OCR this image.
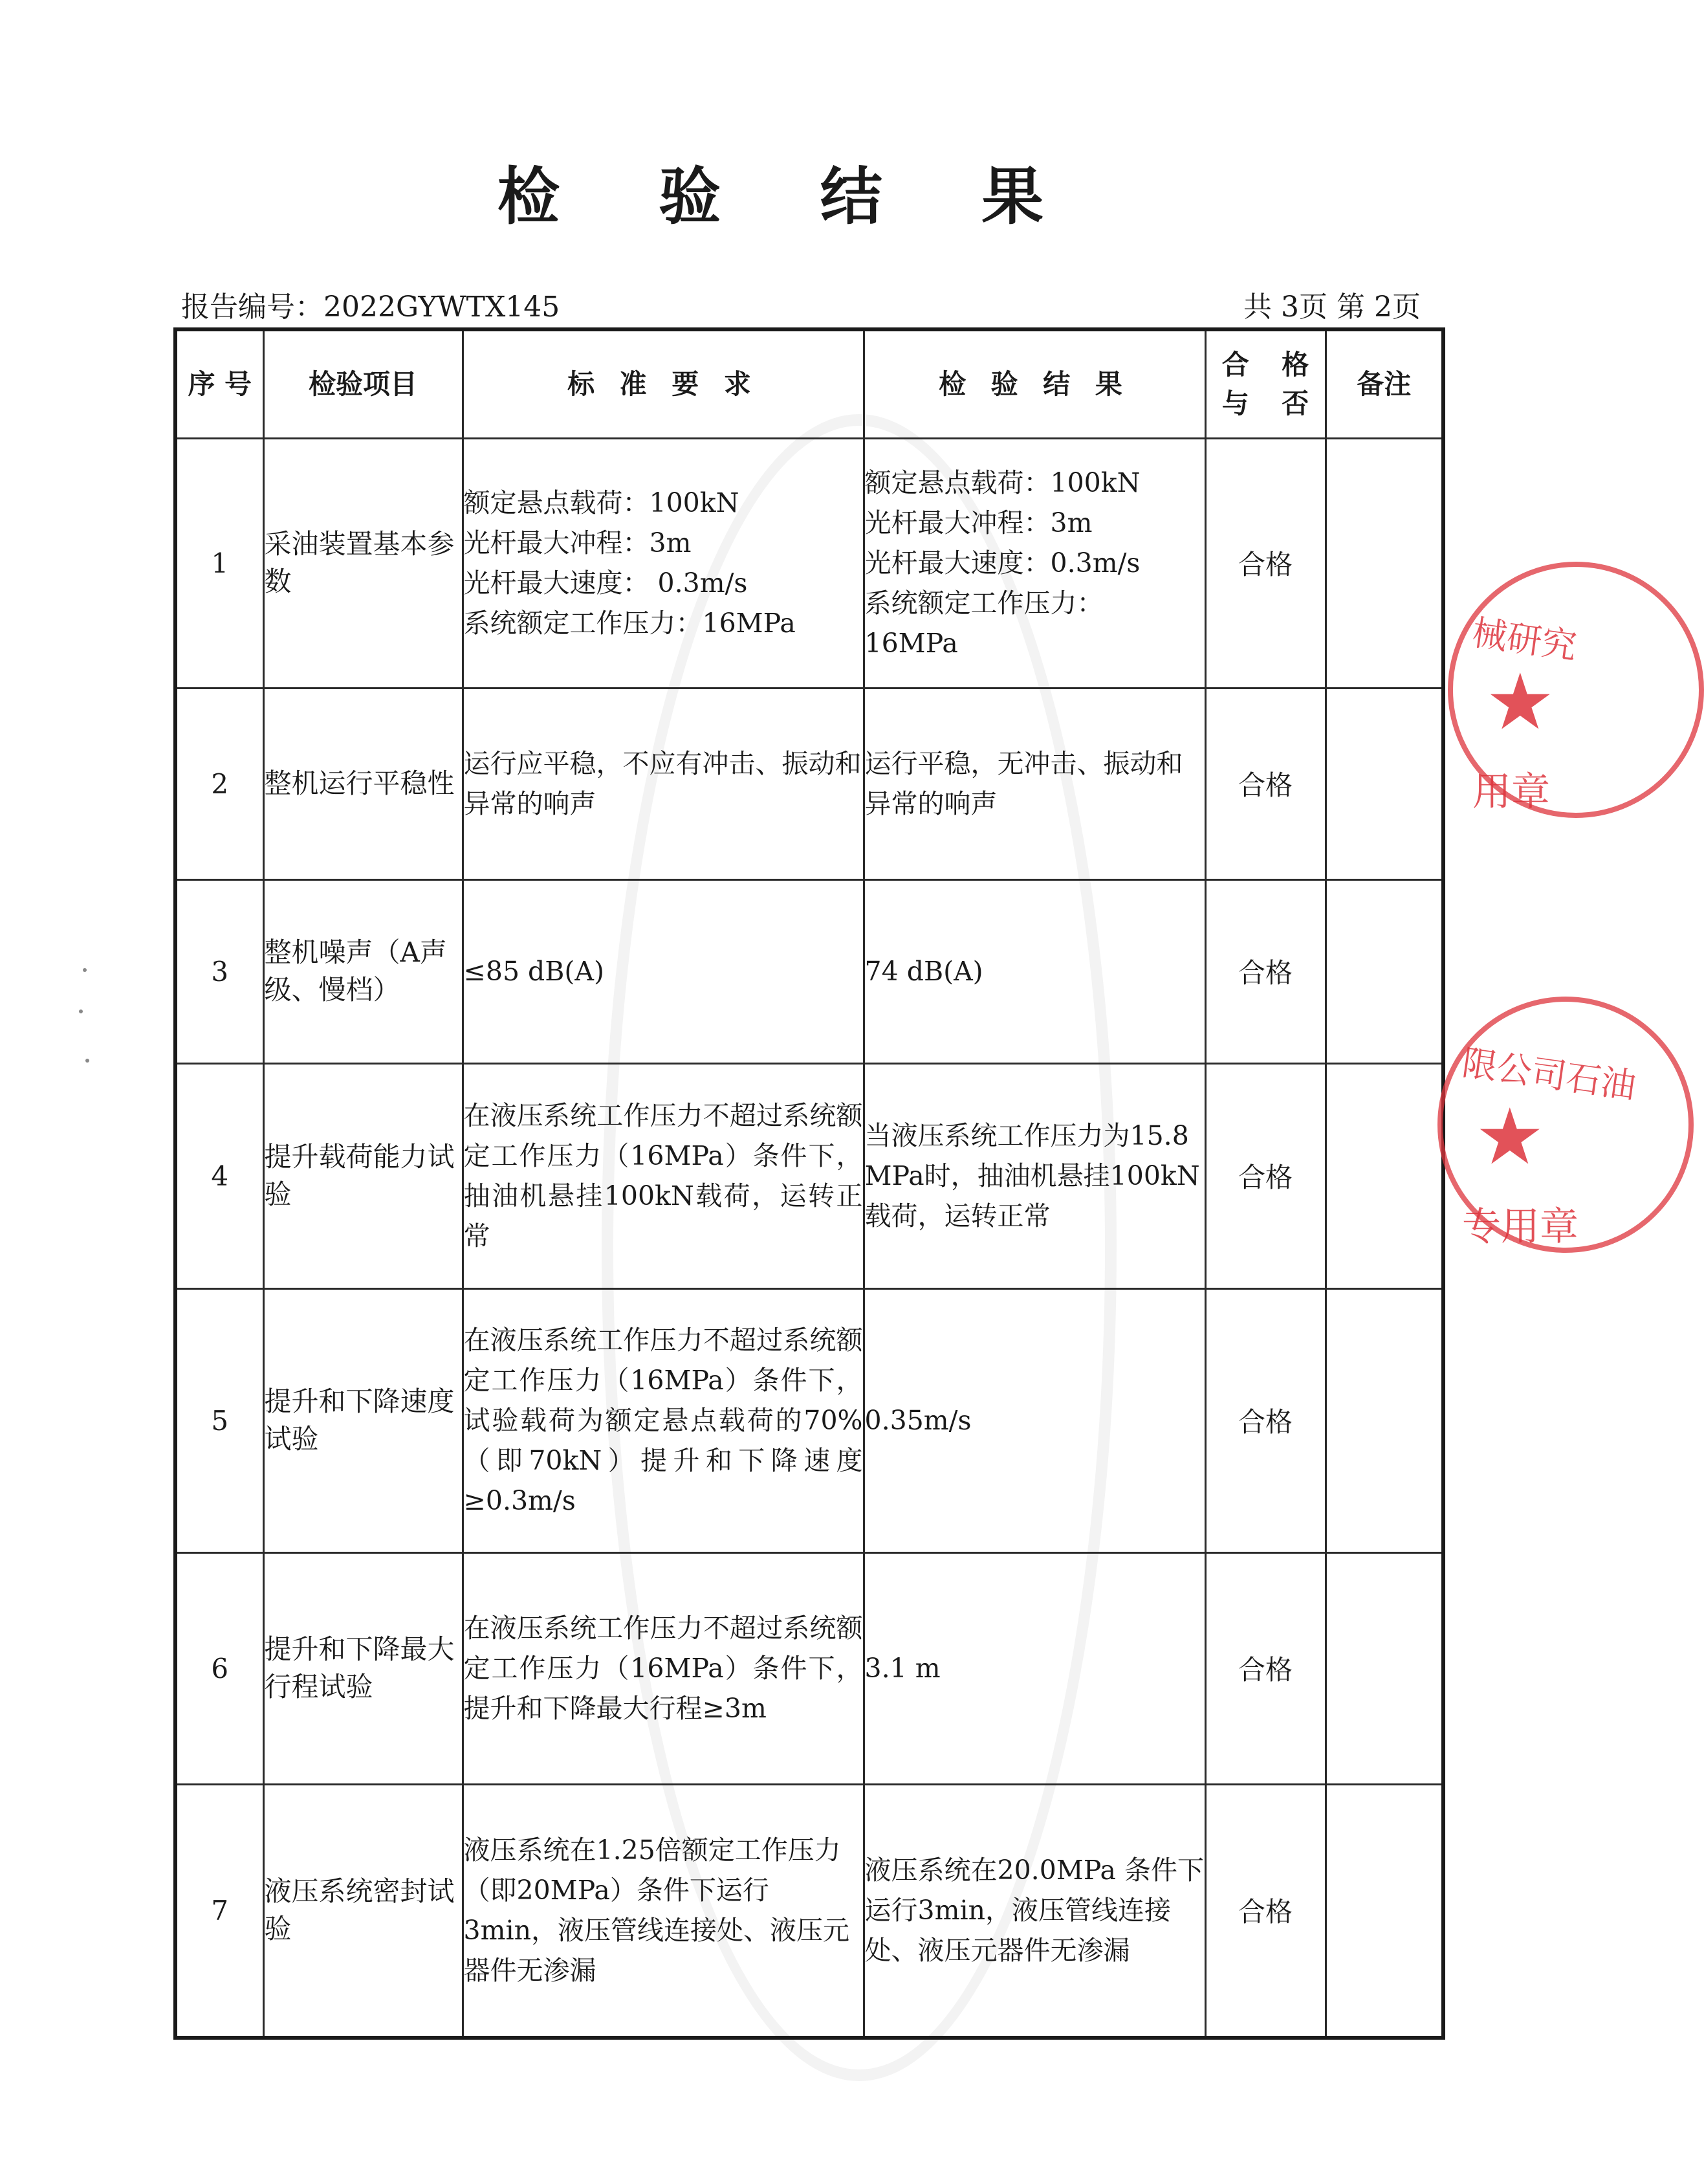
检 验 结 果
报告编号：2022GYWTX145	共 3页 第 2页
序 号	检验项目	标 准 要 求	检 验 结 果	合 格
与 否	备注
1	采油装置基本参数	额定悬点载荷：100kN
光杆最大冲程：3m
光杆最大速度： 0.3m/s
系统额定工作压力：16MPa	额定悬点载荷：100kN
光杆最大冲程：3m
光杆最大速度：0.3m/s
系统额定工作压力：
16MPa	合格	
2	整机运行平稳性	运行应平稳，不应有冲击、振动和异常的响声	运行平稳，无冲击、振动和异常的响声	合格	
3	整机噪声（A声级、慢档）	≤85 dB(A)	74 dB(A)	合格	
4	提升载荷能力试验	在液压系统工作压力不超过系统额定工作压力（16MPa）条件下，抽油机悬挂100kN载荷，运转正常	当液压系统工作压力为15.8 MPa时，抽油机悬挂100kN载荷，运转正常	合格	
5	提升和下降速度试验	在液压系统工作压力不超过系统额定工作压力（16MPa）条件下，试验载荷为额定悬点载荷的70%（即70kN）提升和下降速度≥0.3m/s	0.35m/s	合格	
6	提升和下降最大行程试验	在液压系统工作压力不超过系统额定工作压力（16MPa）条件下， 提升和下降最大行程≥3m	3.1 m	合格	
7	液压系统密封试验	液压系统在1.25倍额定工作压力（即20MPa）条件下运行3min，液压管线连接处、液压元器件无渗漏	液压系统在20.0MPa 条件下运行3min，液压管线连接处、液压元器件无渗漏	合格	
械研究
★
用章
限公司石油
★
专用章
